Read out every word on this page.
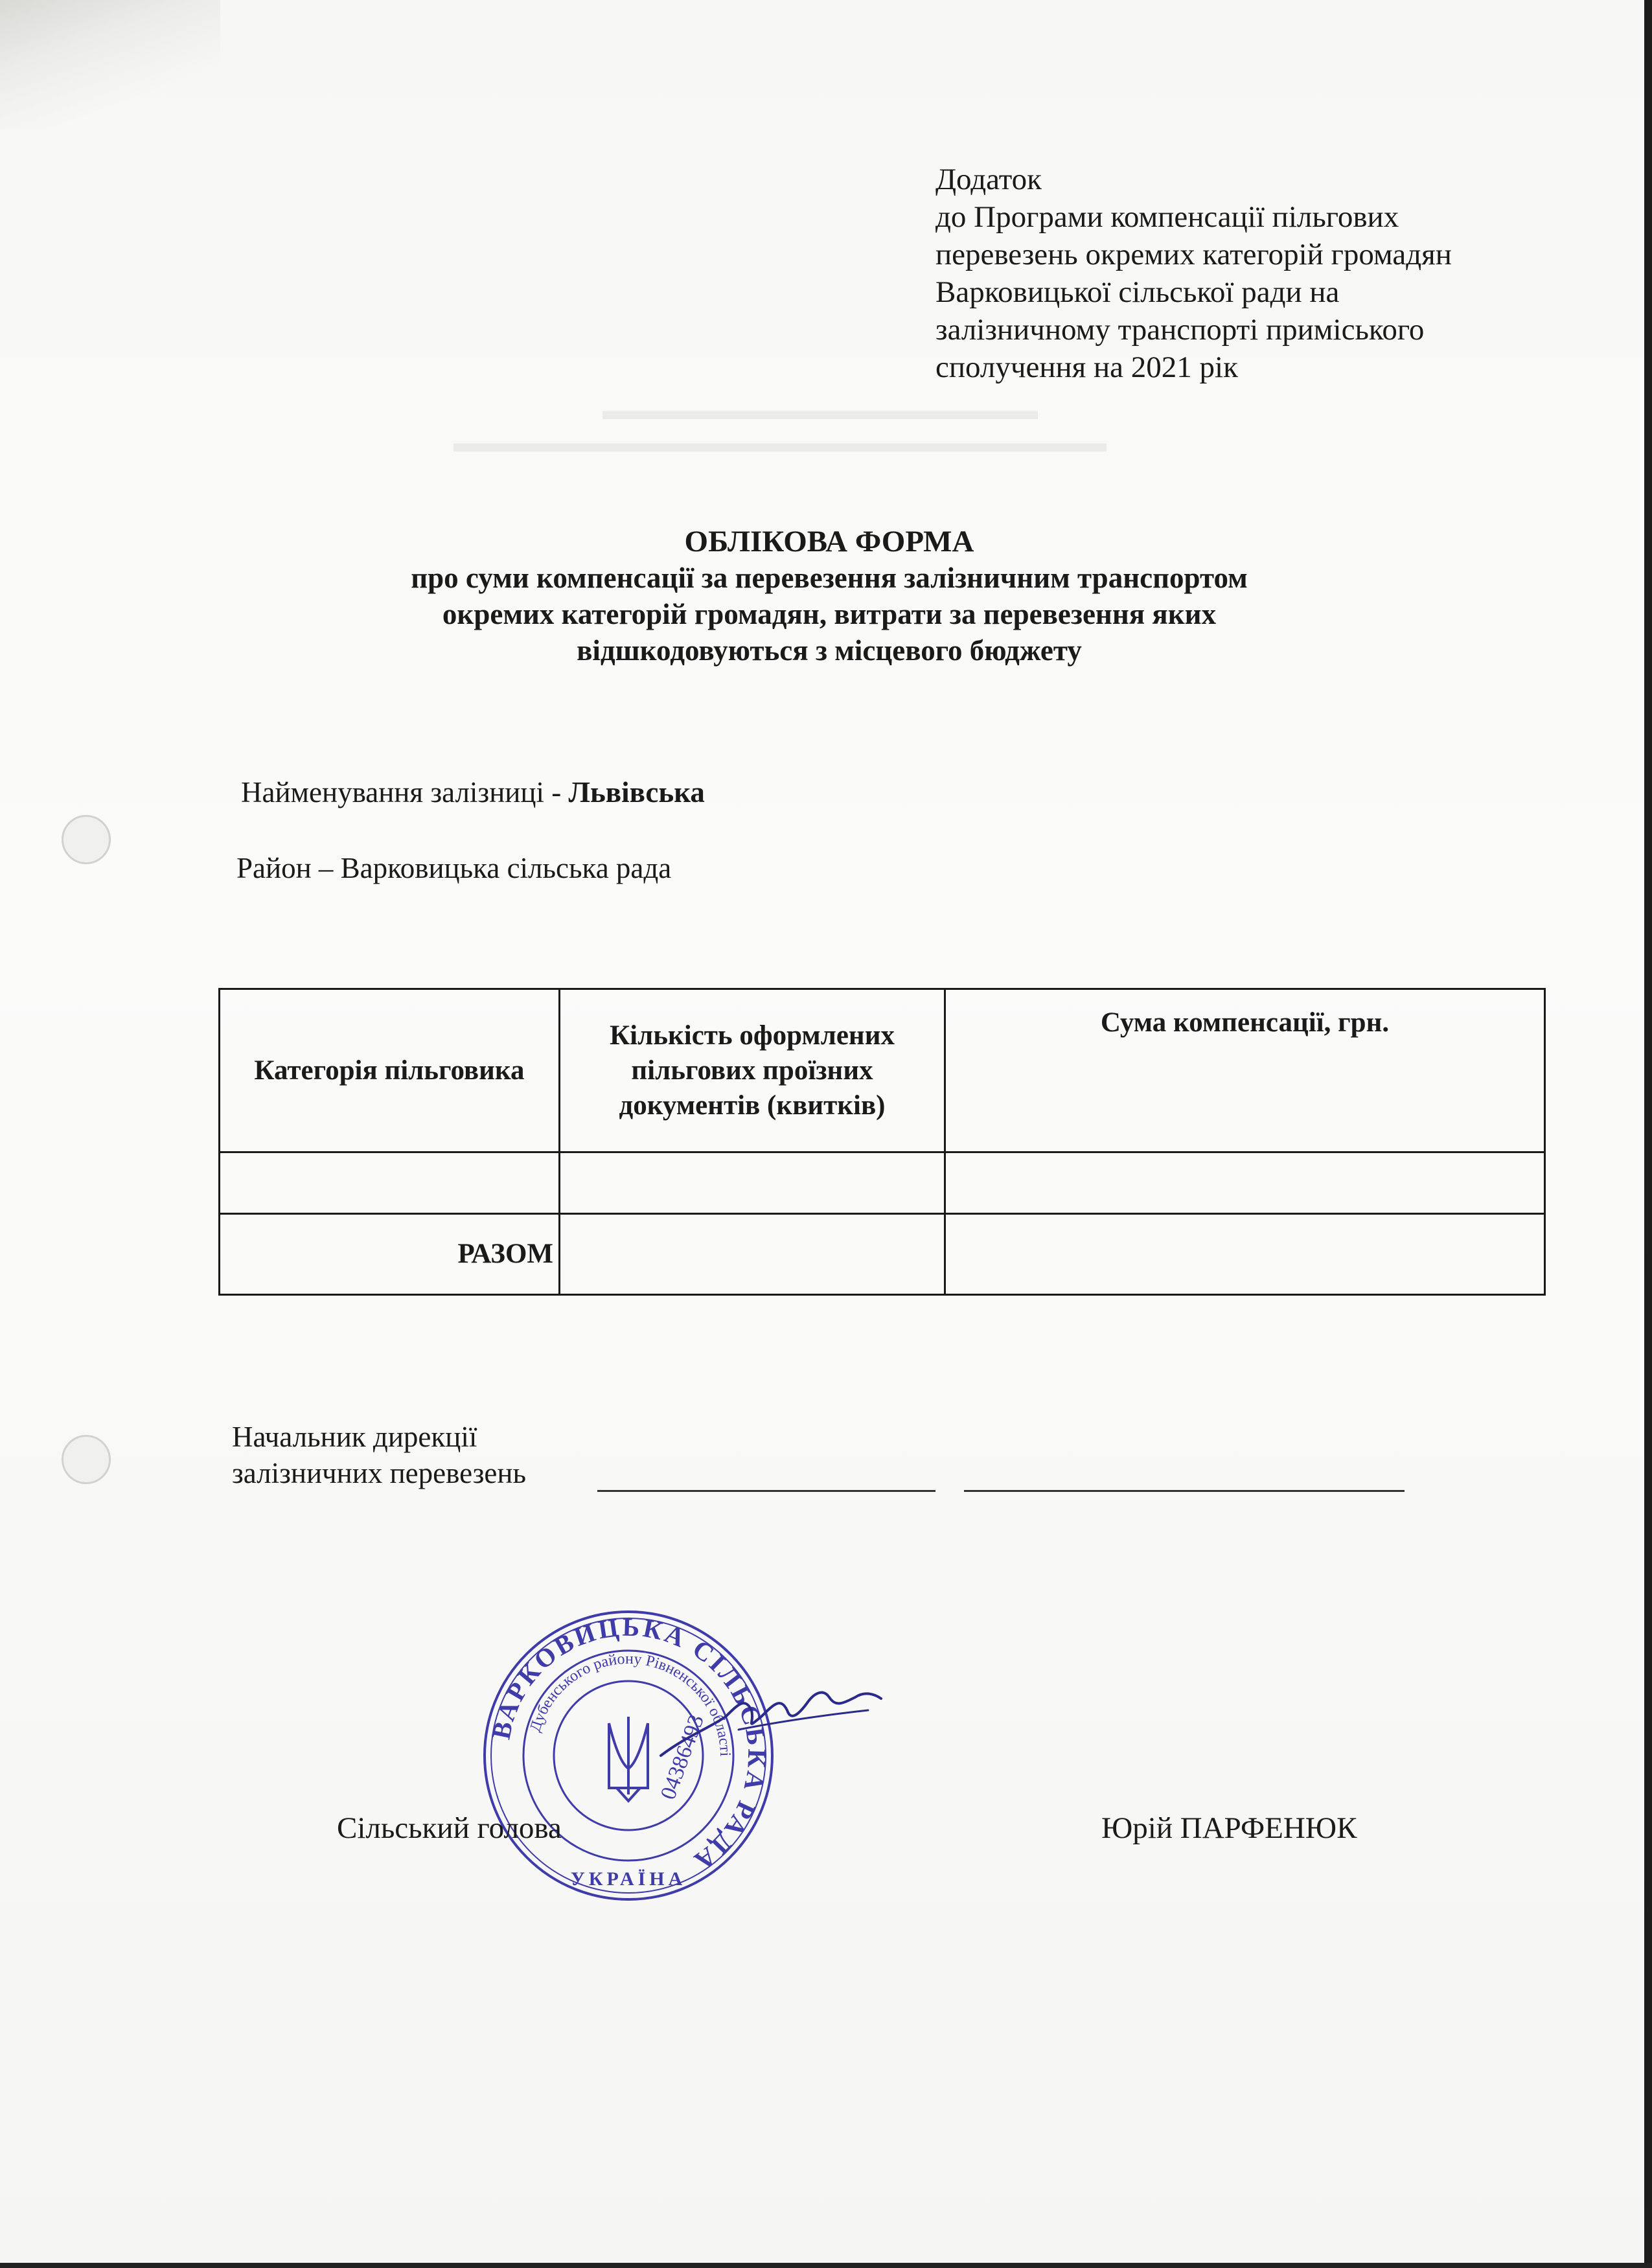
▬▬▬▬▬▬▬▬▬▬▬▬▬▬▬▬
▬▬▬▬▬▬▬▬▬▬▬▬▬▬▬▬▬▬▬▬▬▬▬▬
Додаток
до Програми компенсації пільгових
перевезень окремих категорій громадян
Варковицької сільської ради на
залізничному транспорті приміського
сполучення на 2021 рік
ОБЛІКОВА ФОРМА
про суми компенсації за перевезення залізничним транспортом
окремих категорій громадян, витрати за перевезення яких
відшкодовуються з місцевого бюджету
Найменування залізниці - Львівська
Район – Варковицька сільська рада
Категорія пільговика	Кількість оформлених пільгових проїзних документів (квитків)	Сума компенсації, грн.

РАЗОМ		
Начальник дирекції
залізничних перевезень
ВАРКОВИЦЬКА СІЛЬСЬКА РАДА
Дубенського району Рівненської області
04386493
УКРАЇНА
Сільський голова	Юрій ПАРФЕНЮК
